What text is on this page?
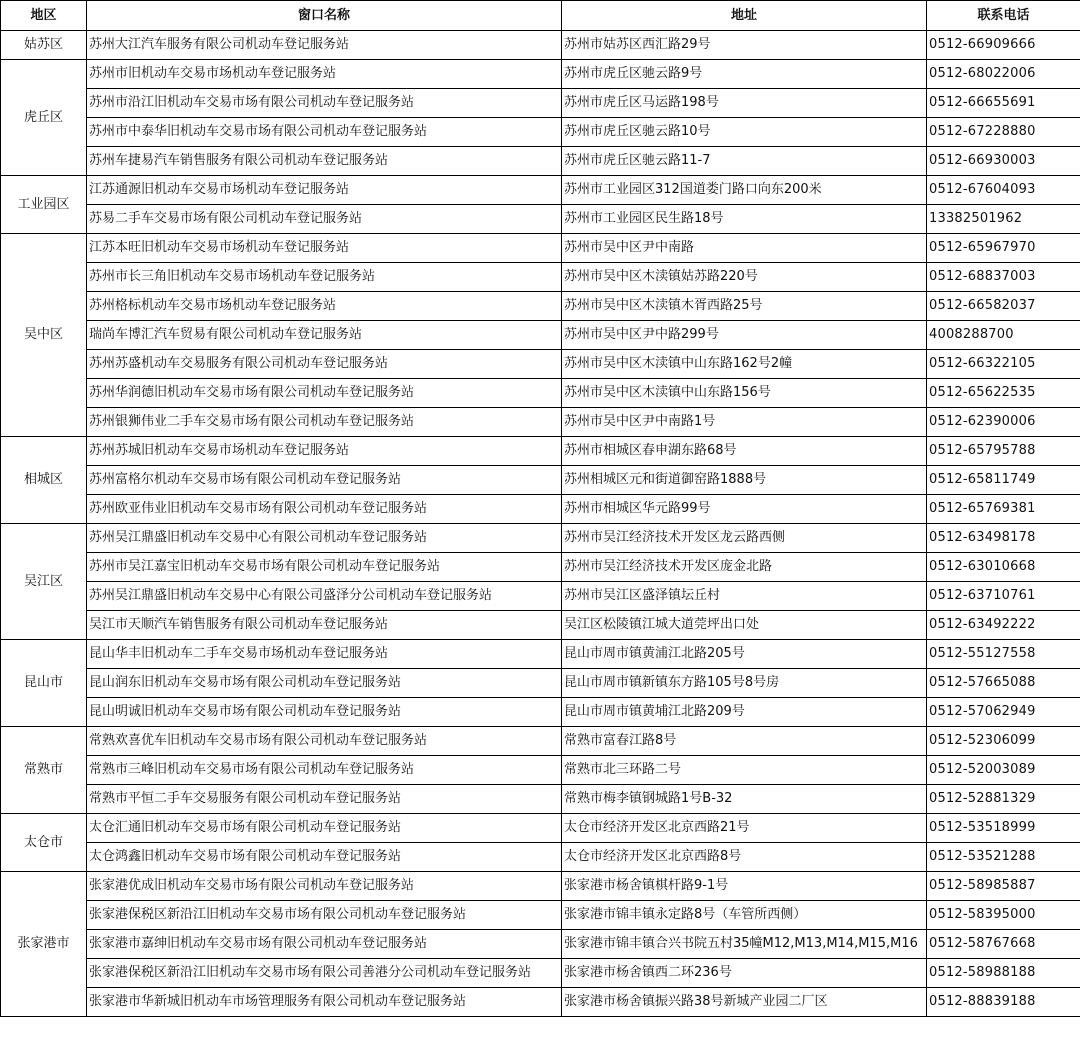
地区	窗口名称	地址	联系电话
姑苏区	苏州大江汽车服务有限公司机动车登记服务站	苏州市姑苏区西汇路29号	0512-66909666
虎丘区	苏州市旧机动车交易市场机动车登记服务站	苏州市虎丘区驰云路9号	0512-68022006
	苏州市沿江旧机动车交易市场有限公司机动车登记服务站	苏州市虎丘区马运路198号	0512-66655691
	苏州市中泰华旧机动车交易市场有限公司机动车登记服务站	苏州市虎丘区驰云路10号	0512-67228880
	苏州车捷易汽车销售服务有限公司机动车登记服务站	苏州市虎丘区驰云路11-7	0512-66930003
工业园区	江苏通源旧机动车交易市场机动车登记服务站	苏州市工业园区312国道娄门路口向东200米	0512-67604093
	苏易二手车交易市场有限公司机动车登记服务站	苏州市工业园区民生路18号	13382501962
吴中区	江苏本旺旧机动车交易市场机动车登记服务站	苏州市吴中区尹中南路	0512-65967970
	苏州市长三角旧机动车交易市场机动车登记服务站	苏州市吴中区木渎镇姑苏路220号	0512-68837003
	苏州格标机动车交易市场机动车登记服务站	苏州市吴中区木渎镇木胥西路25号	0512-66582037
	瑞尚车博汇汽车贸易有限公司机动车登记服务站	苏州市吴中区尹中路299号	4008288700
	苏州苏盛机动车交易服务有限公司机动车登记服务站	苏州市吴中区木渎镇中山东路162号2幢	0512-66322105
	苏州华润德旧机动车交易市场有限公司机动车登记服务站	苏州市吴中区木渎镇中山东路156号	0512-65622535
	苏州银狮伟业二手车交易市场有限公司机动车登记服务站	苏州市吴中区尹中南路1号	0512-62390006
相城区	苏州苏城旧机动车交易市场机动车登记服务站	苏州市相城区春申湖东路68号	0512-65795788
	苏州富格尔机动车交易市场有限公司机动车登记服务站	苏州相城区元和街道御窑路1888号	0512-65811749
	苏州欧亚伟业旧机动车交易市场有限公司机动车登记服务站	苏州市相城区华元路99号	0512-65769381
吴江区	苏州吴江鼎盛旧机动车交易中心有限公司机动车登记服务站	苏州市吴江经济技术开发区龙云路西侧	0512-63498178
	苏州市吴江嘉宝旧机动车交易市场有限公司机动车登记服务站	苏州市吴江经济技术开发区庞金北路	0512-63010668
	苏州吴江鼎盛旧机动车交易中心有限公司盛泽分公司机动车登记服务站	苏州市吴江区盛泽镇坛丘村	0512-63710761
	吴江市天顺汽车销售服务有限公司机动车登记服务站	吴江区松陵镇江城大道莞坪出口处	0512-63492222
昆山市	昆山华丰旧机动车二手车交易市场机动车登记服务站	昆山市周市镇黄浦江北路205号	0512-55127558
	昆山润东旧机动车交易市场有限公司机动车登记服务站	昆山市周市镇新镇东方路105号8号房	0512-57665088
	昆山明诚旧机动车交易市场有限公司机动车登记服务站	昆山市周市镇黄埔江北路209号	0512-57062949
常熟市	常熟欢喜优车旧机动车交易市场有限公司机动车登记服务站	常熟市富春江路8号	0512-52306099
	常熟市三峰旧机动车交易市场有限公司机动车登记服务站	常熟市北三环路二号	0512-52003089
	常熟市平恒二手车交易服务有限公司机动车登记服务站	常熟市梅李镇钢城路1号B-32	0512-52881329
太仓市	太仓汇通旧机动车交易市场有限公司机动车登记服务站	太仓市经济开发区北京西路21号	0512-53518999
	太仓鸿鑫旧机动车交易市场有限公司机动车登记服务站	太仓市经济开发区北京西路8号	0512-53521288
张家港市	张家港优成旧机动车交易市场有限公司机动车登记服务站	张家港市杨舍镇棋杆路9-1号	0512-58985887
	张家港保税区新沿江旧机动车交易市场有限公司机动车登记服务站	张家港市锦丰镇永定路8号（车管所西侧）	0512-58395000
	张家港市嘉绅旧机动车交易市场有限公司机动车登记服务站	张家港市锦丰镇合兴书院五村35幢M12,M13,M14,M15,M16	0512-58767668
	张家港保税区新沿江旧机动车交易市场有限公司善港分公司机动车登记服务站	张家港市杨舍镇西二环236号	0512-58988188
	张家港市华新城旧机动车市场管理服务有限公司机动车登记服务站	张家港市杨舍镇振兴路38号新城产业园二厂区	0512-88839188
